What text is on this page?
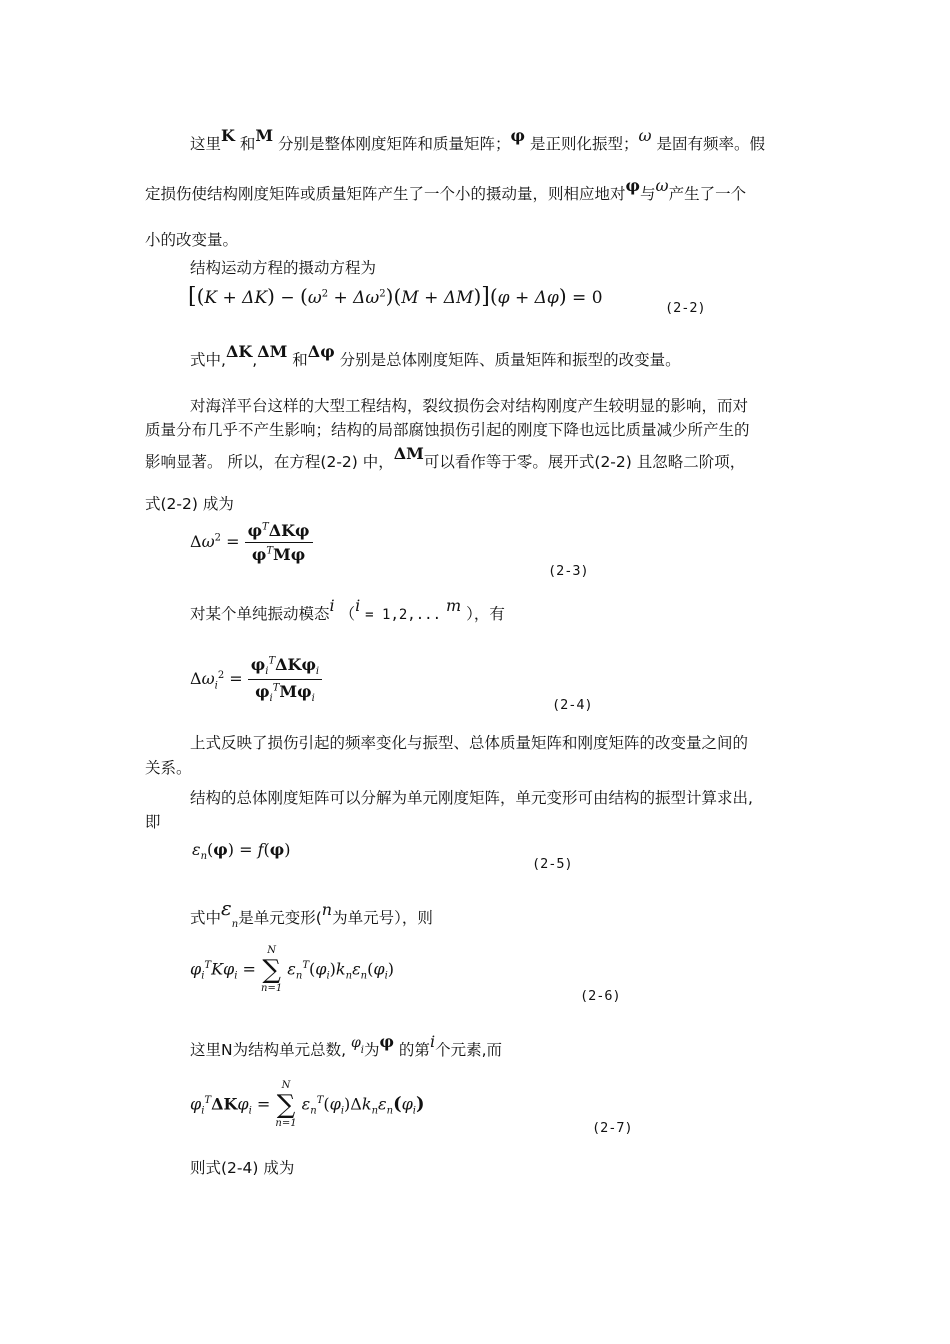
这里K 和M 分别是整体刚度矩阵和质量矩阵；φ 是正则化振型；ω 是固有频率。假
定损伤使结构刚度矩阵或质量矩阵产生了一个小的摄动量，则相应地对φ与ω产生了一个
小的改变量。
结构运动方程的摄动方程为
$[(K + \Delta K) - (\omega^2 + \Delta\omega^2)(M + \Delta M)](\varphi + \Delta\varphi) = 0$	(2-2)
式中,ΔK,ΔM 和Δφ 分别是总体刚度矩阵、质量矩阵和振型的改变量。
对海洋平台这样的大型工程结构，裂纹损伤会对结构刚度产生较明显的影响，而对
质量分布几乎不产生影响；结构的局部腐蚀损伤引起的刚度下降也远比质量减少所产生的
影响显著。 所以，在方程(2-2) 中，ΔM可以看作等于零。展开式(2-2) 且忽略二阶项，
式(2-2) 成为
$\Delta\omega^2 = \frac{\varphi^T\Delta K\varphi}{\varphi^TM\varphi}$
(2-3)
对某个单纯振动模态i （i = 1,2,... m ），有
$\Delta\omega_i^2 = \frac{\varphi_i^T\Delta K\varphi_i}{\varphi_i^TM\varphi_i}$
(2-4)
上式反映了损伤引起的频率变化与振型、总体质量矩阵和刚度矩阵的改变量之间的
关系。
结构的总体刚度矩阵可以分解为单元刚度矩阵，单元变形可由结构的振型计算求出,
即
$\varepsilon_n(\varphi) = f(\varphi)$
(2-5)
式中$\varepsilon_n$是单元变形(n为单元号），则
$\varphi_i^TK\varphi_i$ =
N
∑
n=1
$\varepsilon_n^T(\varphi_i)k_n\varepsilon_n(\varphi_i)$
(2-6)
这里N为结构单元总数, $\varphi_i$为φ 的第i个元素,而
$\varphi_i^T\Delta K\varphi_i$ =
N
∑
n=1
$\varepsilon_n^T(\varphi_i)\Delta k_n\varepsilon_n(\varphi_i)$
(2-7)
则式(2-4) 成为
